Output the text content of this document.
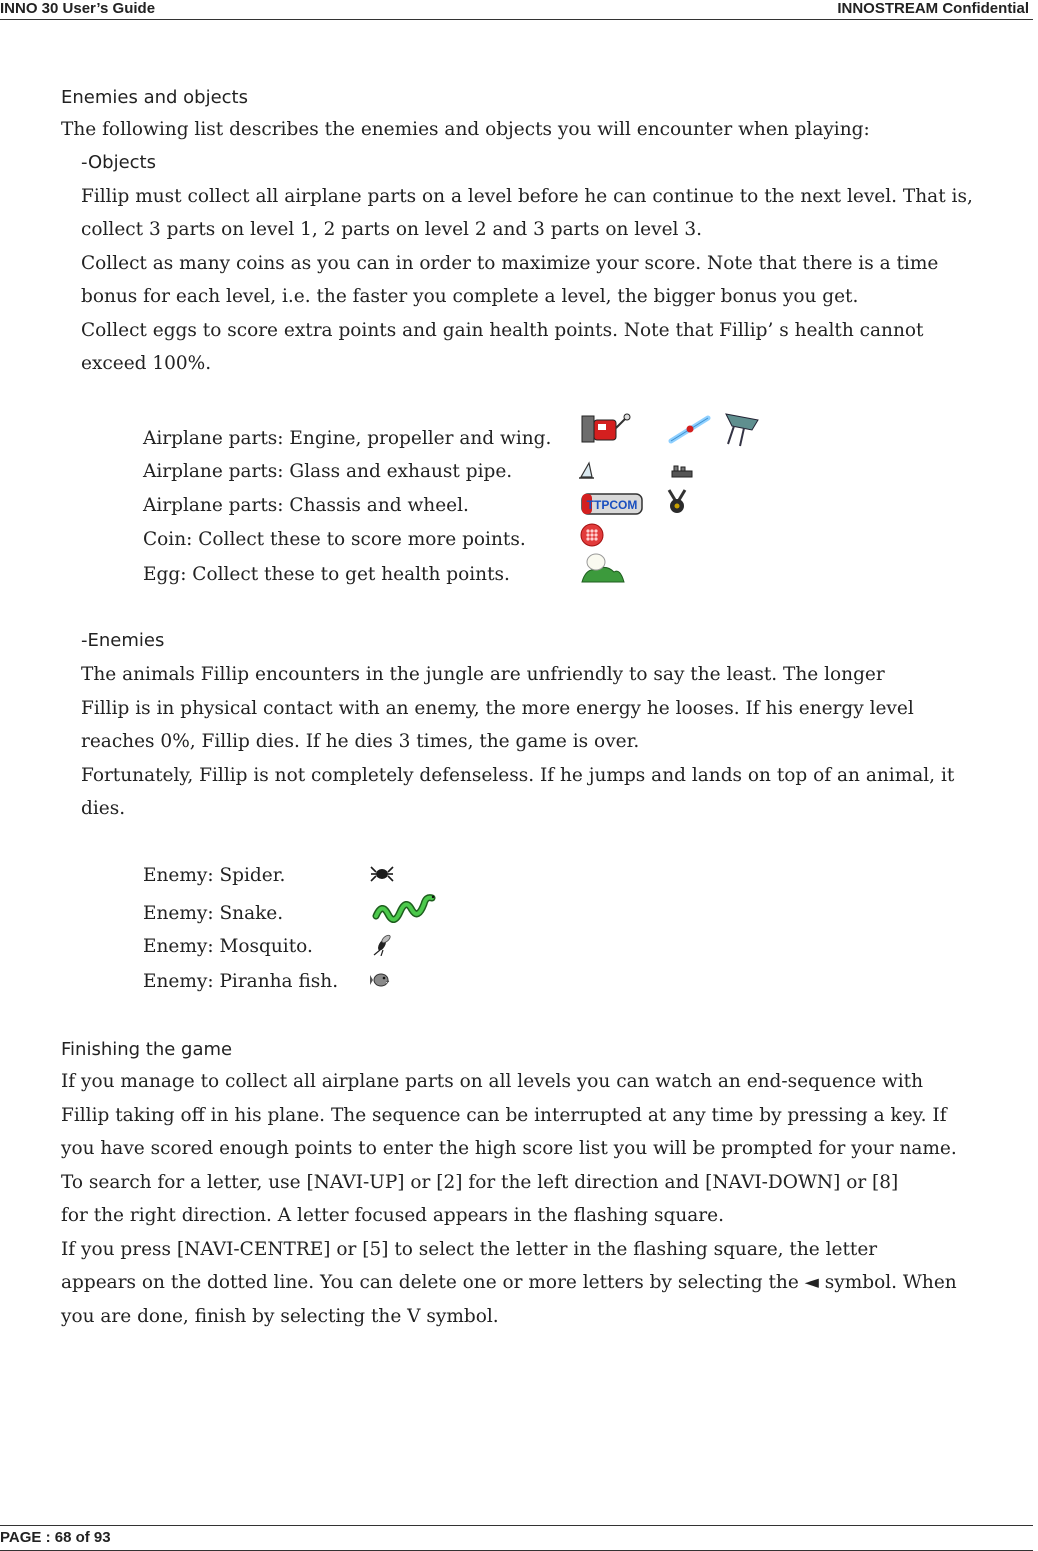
INNO 30 User’s Guide	INNOSTREAM Confidential
Enemies and objects
The following list describes the enemies and objects you will encounter when playing:
-Objects
Fillip must collect all airplane parts on a level before he can continue to the next level. That is,
collect 3 parts on level 1, 2 parts on level 2 and 3 parts on level 3.
Collect as many coins as you can in order to maximize your score. Note that there is a time
bonus for each level, i.e. the faster you complete a level, the bigger bonus you get.
Collect eggs to score extra points and gain health points. Note that Fillip’ s health cannot
exceed 100%.
Airplane parts: Engine, propeller and wing.
Airplane parts: Glass and exhaust pipe.
Airplane parts: Chassis and wheel.
Coin: Collect these to score more points.
Egg: Collect these to get health points.
TTPCOM
-Enemies
The animals Fillip encounters in the jungle are unfriendly to say the least. The longer
Fillip is in physical contact with an enemy, the more energy he looses. If his energy level
reaches 0%, Fillip dies. If he dies 3 times, the game is over.
Fortunately, Fillip is not completely defenseless. If he jumps and lands on top of an animal, it
dies.
Enemy: Spider.
Enemy: Snake.
Enemy: Mosquito.
Enemy: Piranha fish.
Finishing the game
If you manage to collect all airplane parts on all levels you can watch an end-sequence with
Fillip taking off in his plane. The sequence can be interrupted at any time by pressing a key. If
you have scored enough points to enter the high score list you will be prompted for your name.
To search for a letter, use [NAVI-UP] or [2] for the left direction and [NAVI-DOWN] or [8]
for the right direction. A letter focused appears in the flashing square.
If you press [NAVI-CENTRE] or [5] to select the letter in the flashing square, the letter
appears on the dotted line. You can delete one or more letters by selecting the ◄ symbol. When
you are done, finish by selecting the V symbol.
PAGE : 68 of 93
